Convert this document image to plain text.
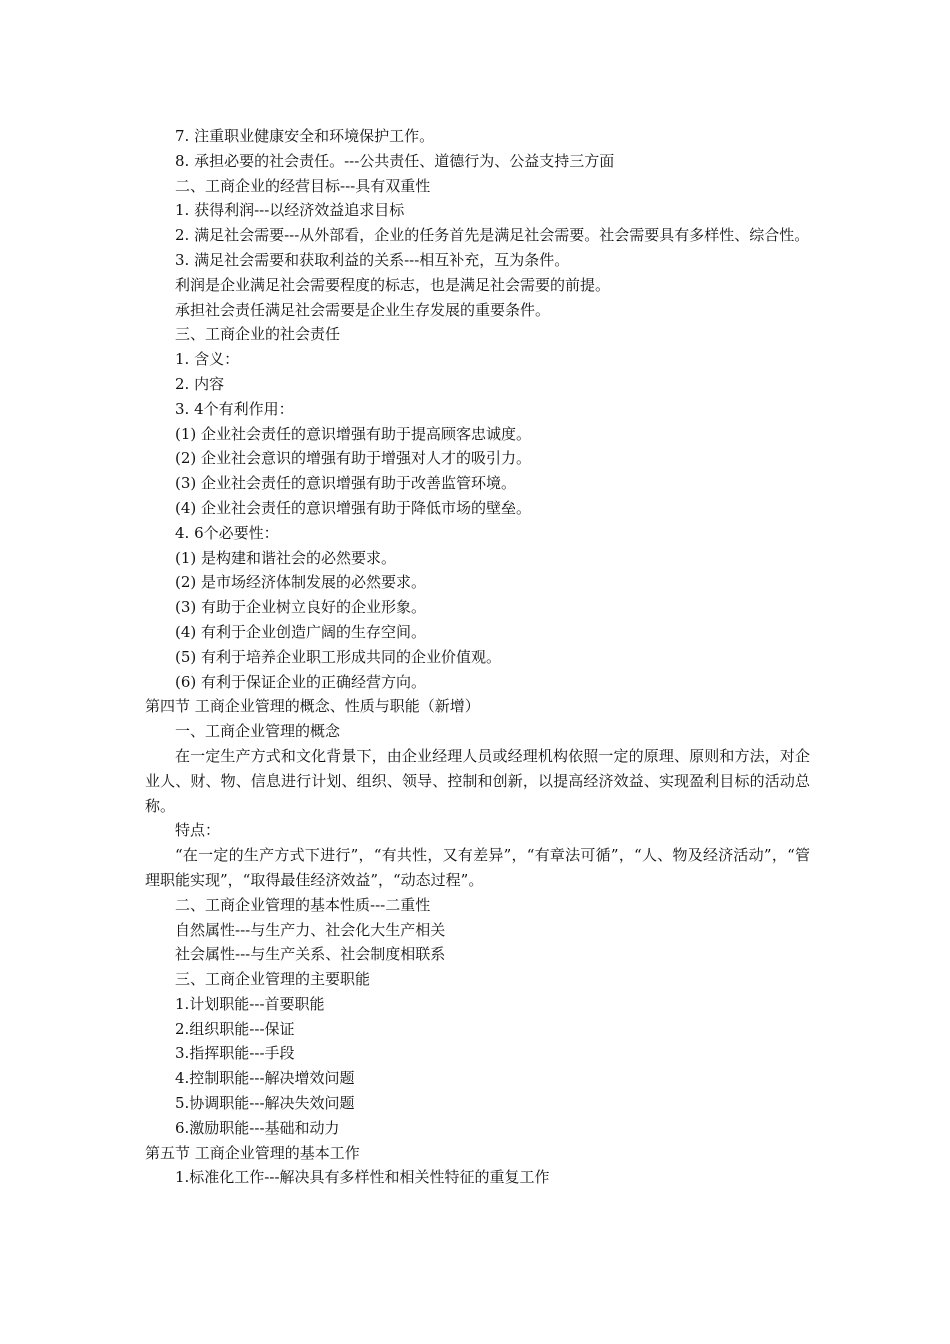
7. 注重职业健康安全和环境保护工作。
8. 承担必要的社会责任。---公共责任、道德行为、公益支持三方面
二、工商企业的经营目标---具有双重性
1. 获得利润---以经济效益追求目标

2. 满足社会需要---从外部看，企业的任务首先是满足社会需要。社会需要具有多样性、综合性。

3. 满足社会需要和获取利益的关系---相互补充，互为条件。
利润是企业满足社会需要程度的标志，也是满足社会需要的前提。
承担社会责任满足社会需要是企业生存发展的重要条件。
三、工商企业的社会责任
1. 含义：
2. 内容
3. 4个有利作用：
(1) 企业社会责任的意识增强有助于提高顾客忠诚度。
(2) 企业社会意识的增强有助于增强对人才的吸引力。
(3) 企业社会责任的意识增强有助于改善监管环境。
(4) 企业社会责任的意识增强有助于降低市场的壁垒。
4. 6个必要性：
(1) 是构建和谐社会的必然要求。
(2) 是市场经济体制发展的必然要求。
(3) 有助于企业树立良好的企业形象。
(4) 有利于企业创造广阔的生存空间。
(5) 有利于培养企业职工形成共同的企业价值观。
(6) 有利于保证企业的正确经营方向。
第四节 工商企业管理的概念、性质与职能（新增）
一、工商企业管理的概念

在一定生产方式和文化背景下，由企业经理人员或经理机构依照一定的原理、原则和方法，对企业人、财、物、信息进行计划、组织、领导、控制和创新，以提高经济效益、实现盈利目标的活动总称。

特点：

“在一定的生产方式下进行”，“有共性，又有差异”，“有章法可循”，“人、物及经济活动”，“管理职能实现”，“取得最佳经济效益”，“动态过程”。

二、工商企业管理的基本性质---二重性
自然属性---与生产力、社会化大生产相关
社会属性---与生产关系、社会制度相联系
三、工商企业管理的主要职能
1.计划职能---首要职能
2.组织职能---保证
3.指挥职能---手段
4.控制职能---解决增效问题
5.协调职能---解决失效问题
6.激励职能---基础和动力
第五节 工商企业管理的基本工作
1.标准化工作---解决具有多样性和相关性特征的重复工作
